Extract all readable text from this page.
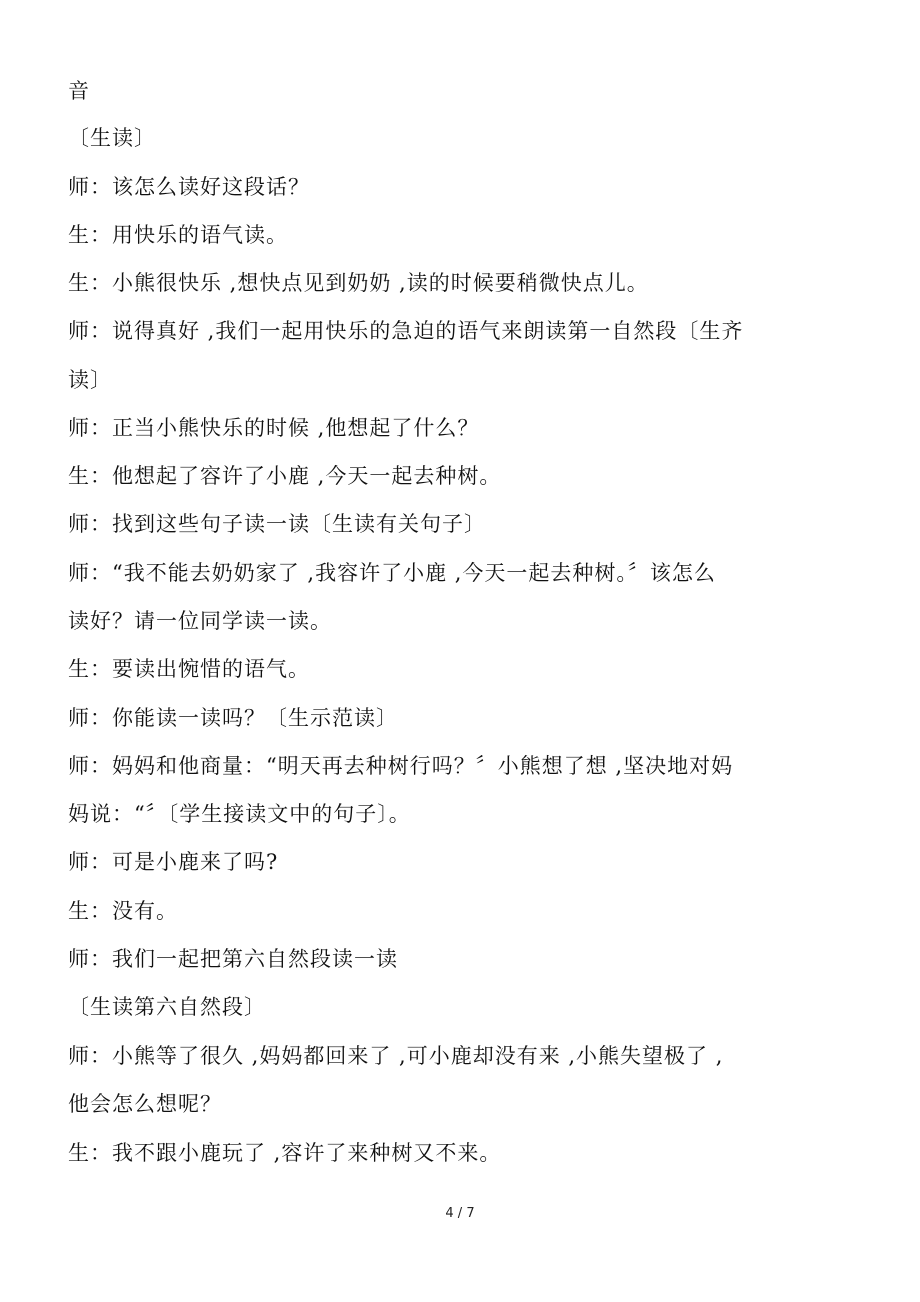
音
〔生读〕
师：该怎么读好这段话？
生：用快乐的语气读。
生：小熊很快乐 ,想快点见到奶奶 ,读的时候要稍微快点儿。
师：说得真好 ,我们一起用快乐的急迫的语气来朗读第一自然段〔生齐
读〕
师：正当小熊快乐的时候 ,他想起了什么？
生：他想起了容许了小鹿 ,今天一起去种树。
师：找到这些句子读一读〔生读有关句子〕
师：“我不能去奶奶家了 ,我容许了小鹿 ,今天一起去种树。〞该怎么
读好？请一位同学读一读。
生：要读出惋惜的语气。
师：你能读一读吗？〔生示范读〕
师：妈妈和他商量：“明天再去种树行吗？〞小熊想了想 ,坚决地对妈
妈说：“〞〔学生接读文中的句子〕。
师：可是小鹿来了吗?
生：没有。
师：我们一起把第六自然段读一读
〔生读第六自然段〕
师：小熊等了很久 ,妈妈都回来了 ,可小鹿却没有来 ,小熊失望极了 ,
他会怎么想呢？
生：我不跟小鹿玩了 ,容许了来种树又不来。
4 / 7
